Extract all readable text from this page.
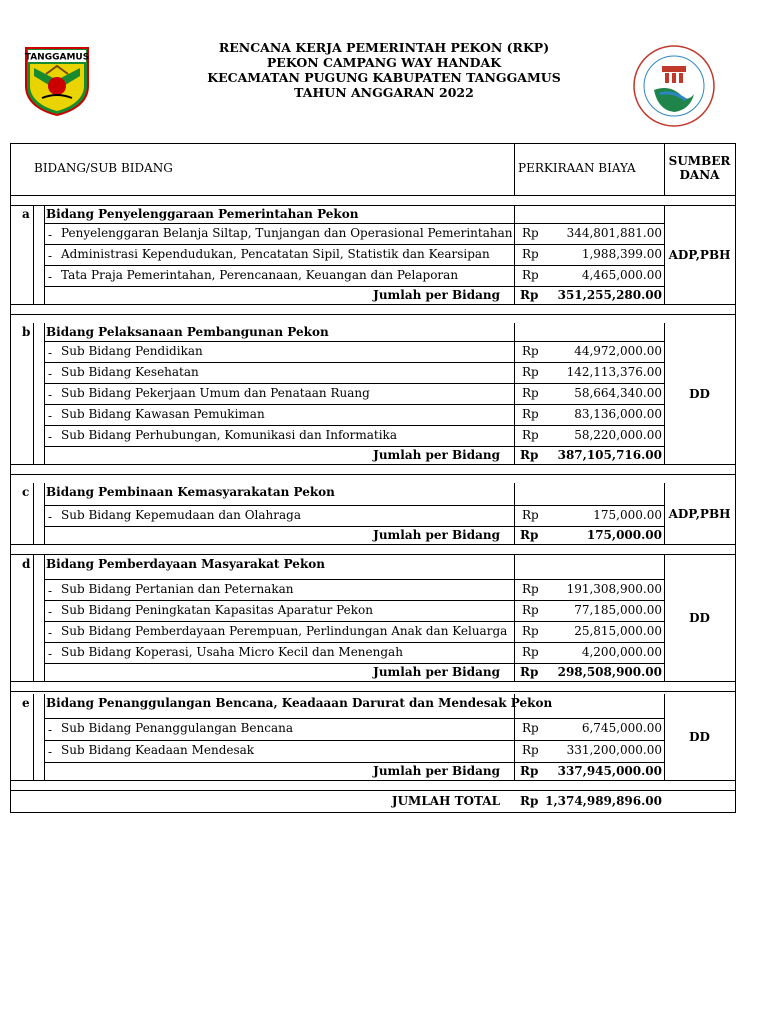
RENCANA KERJA PEMERINTAH PEKON (RKP)
PEKON CAMPANG WAY HANDAK
KECAMATAN PUGUNG KABUPATEN TANGGAMUS
TAHUN ANGGARAN 2022
TANGGAMUS
BIDANG/SUB BIDANG	PERKIRAAN BIAYA	SUMBER
DANA
a Bidang Penyelenggaraan Pemerintahan Pekon
- Penyelenggaran Belanja Siltap, Tunjangan dan Operasional Pemerintahan Rp	344,801,881.00
- Administrasi Kependudukan, Pencatatan Sipil, Statistik dan Kearsipan	Rp	1,988,399.00
- Tata Praja Pemerintahan, Perencanaan, Keuangan dan Pelaporan	Rp	4,465,000.00
Jumlah per Bidang Rp	351,255,280.00
ADP,PBH
b Bidang Pelaksanaan Pembangunan Pekon
- Sub Bidang Pendidikan	Rp	44,972,000.00
- Sub Bidang Kesehatan	Rp	142,113,376.00
- Sub Bidang Pekerjaan Umum dan Penataan Ruang	Rp	58,664,340.00
- Sub Bidang Kawasan Pemukiman	Rp	83,136,000.00
- Sub Bidang Perhubungan, Komunikasi dan Informatika	Rp	58,220,000.00
Jumlah per Bidang Rp	387,105,716.00
DD
c Bidang Pembinaan Kemasyarakatan Pekon
- Sub Bidang Kepemudaan dan Olahraga	Rp	175,000.00
Jumlah per Bidang Rp	175,000.00
ADP,PBH
d Bidang Pemberdayaan Masyarakat Pekon
- Sub Bidang Pertanian dan Peternakan	Rp	191,308,900.00
- Sub Bidang Peningkatan Kapasitas Aparatur Pekon	Rp	77,185,000.00
- Sub Bidang Pemberdayaan Perempuan, Perlindungan Anak dan Keluarga Rp	25,815,000.00
- Sub Bidang Koperasi, Usaha Micro Kecil dan Menengah	Rp	4,200,000.00
Jumlah per Bidang Rp	298,508,900.00
DD
e Bidang Penanggulangan Bencana, Keadaaan Darurat dan Mendesak Pekon
- Sub Bidang Penanggulangan Bencana	Rp	6,745,000.00
- Sub Bidang Keadaan Mendesak	Rp	331,200,000.00
Jumlah per Bidang Rp	337,945,000.00
DD
JUMLAH TOTAL Rp 1,374,989,896.00
